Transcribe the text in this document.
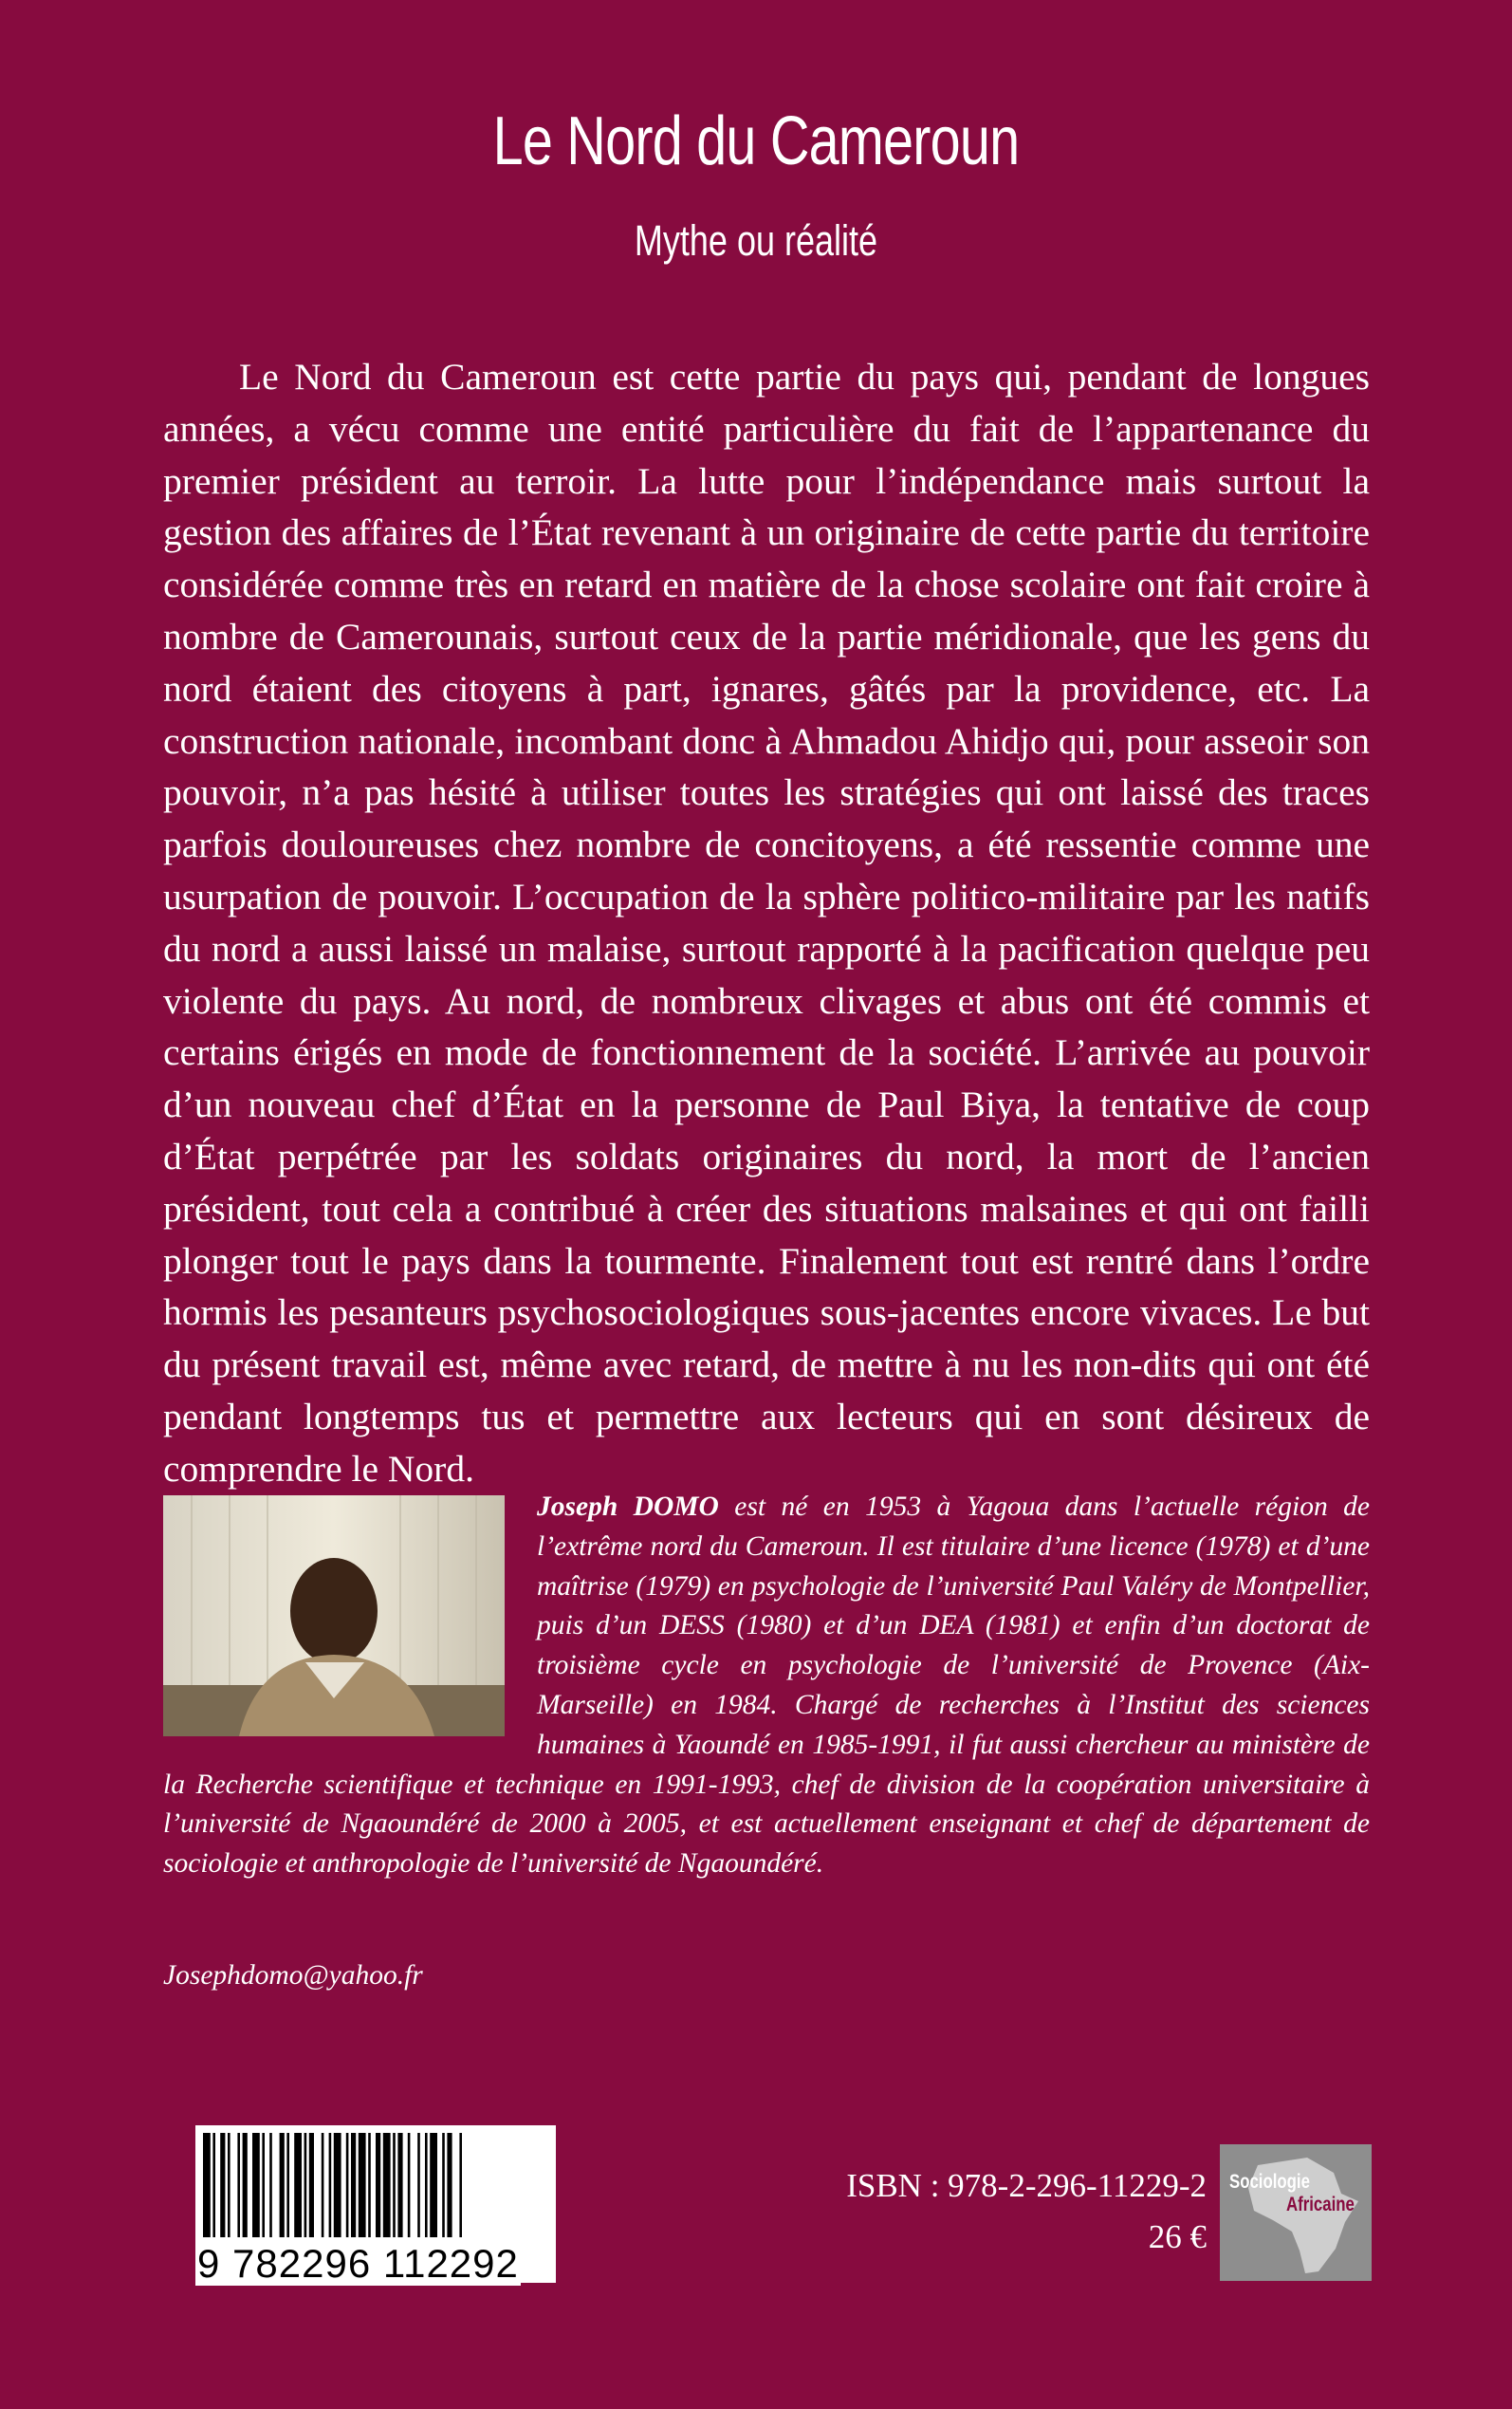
Le Nord du Cameroun
Mythe ou réalité

Le Nord du Cameroun est cette partie du pays qui, pendant de longues années, a vécu comme une entité particulière du fait de l’appartenance du premier président au terroir. La lutte pour l’indépendance mais surtout la gestion des affaires de l’État revenant à un originaire de cette partie du territoire considérée comme très en retard en matière de la chose scolaire ont fait croire à nombre de Camerounais, surtout ceux de la partie méridionale, que les gens du nord étaient des citoyens à part, ignares, gâtés par la providence, etc. La construction nationale, incombant donc à Ahmadou Ahidjo qui, pour asseoir son pouvoir, n’a pas hésité à utiliser toutes les stratégies qui ont laissé des traces parfois douloureuses chez nombre de concitoyens, a été ressentie comme une usurpation de pouvoir. L’occupation de la sphère politico-militaire par les natifs du nord a aussi laissé un malaise, surtout rapporté à la pacification quelque peu violente du pays. Au nord, de nombreux clivages et abus ont été commis et certains érigés en mode de fonctionnement de la société. L’arrivée au pouvoir d’un nouveau chef d’État en la personne de Paul Biya, la tentative de coup d’État perpétrée par les soldats originaires du nord, la mort de l’ancien président, tout cela a contribué à créer des situations malsaines et qui ont failli plonger tout le pays dans la tourmente. Finalement tout est rentré dans l’ordre hormis les pesanteurs psychosociologiques sous-jacentes encore vivaces. Le but du présent travail est, même avec retard, de mettre à nu les non-dits qui ont été pendant longtemps tus et permettre aux lecteurs qui en sont désireux de comprendre le Nord.

Joseph DOMO est né en 1953 à Yagoua dans l’actuelle région de l’extrême nord du Cameroun. Il est titulaire d’une licence (1978) et d’une maîtrise (1979) en psychologie de l’université Paul Valéry de Montpellier, puis d’un DESS (1980) et d’un DEA (1981) et enfin d’un doctorat de troisième cycle en psychologie de l’université de Provence (Aix-Marseille) en 1984. Chargé de recherches à l’Institut des sciences humaines à Yaoundé en 1985-1991, il fut aussi chercheur au ministère de la Recherche scientifique et technique en 1991-1993, chef de division de la coopération universitaire à l’université de Ngaoundéré de 2000 à 2005, et est actuellement enseignant et chef de département de sociologie et anthropologie de l’université de Ngaoundéré.
Josephdomo@yahoo.fr
9 782296 112292
ISBN : 978-2-296-11229-2
26 €
Sociologie
Africaine
